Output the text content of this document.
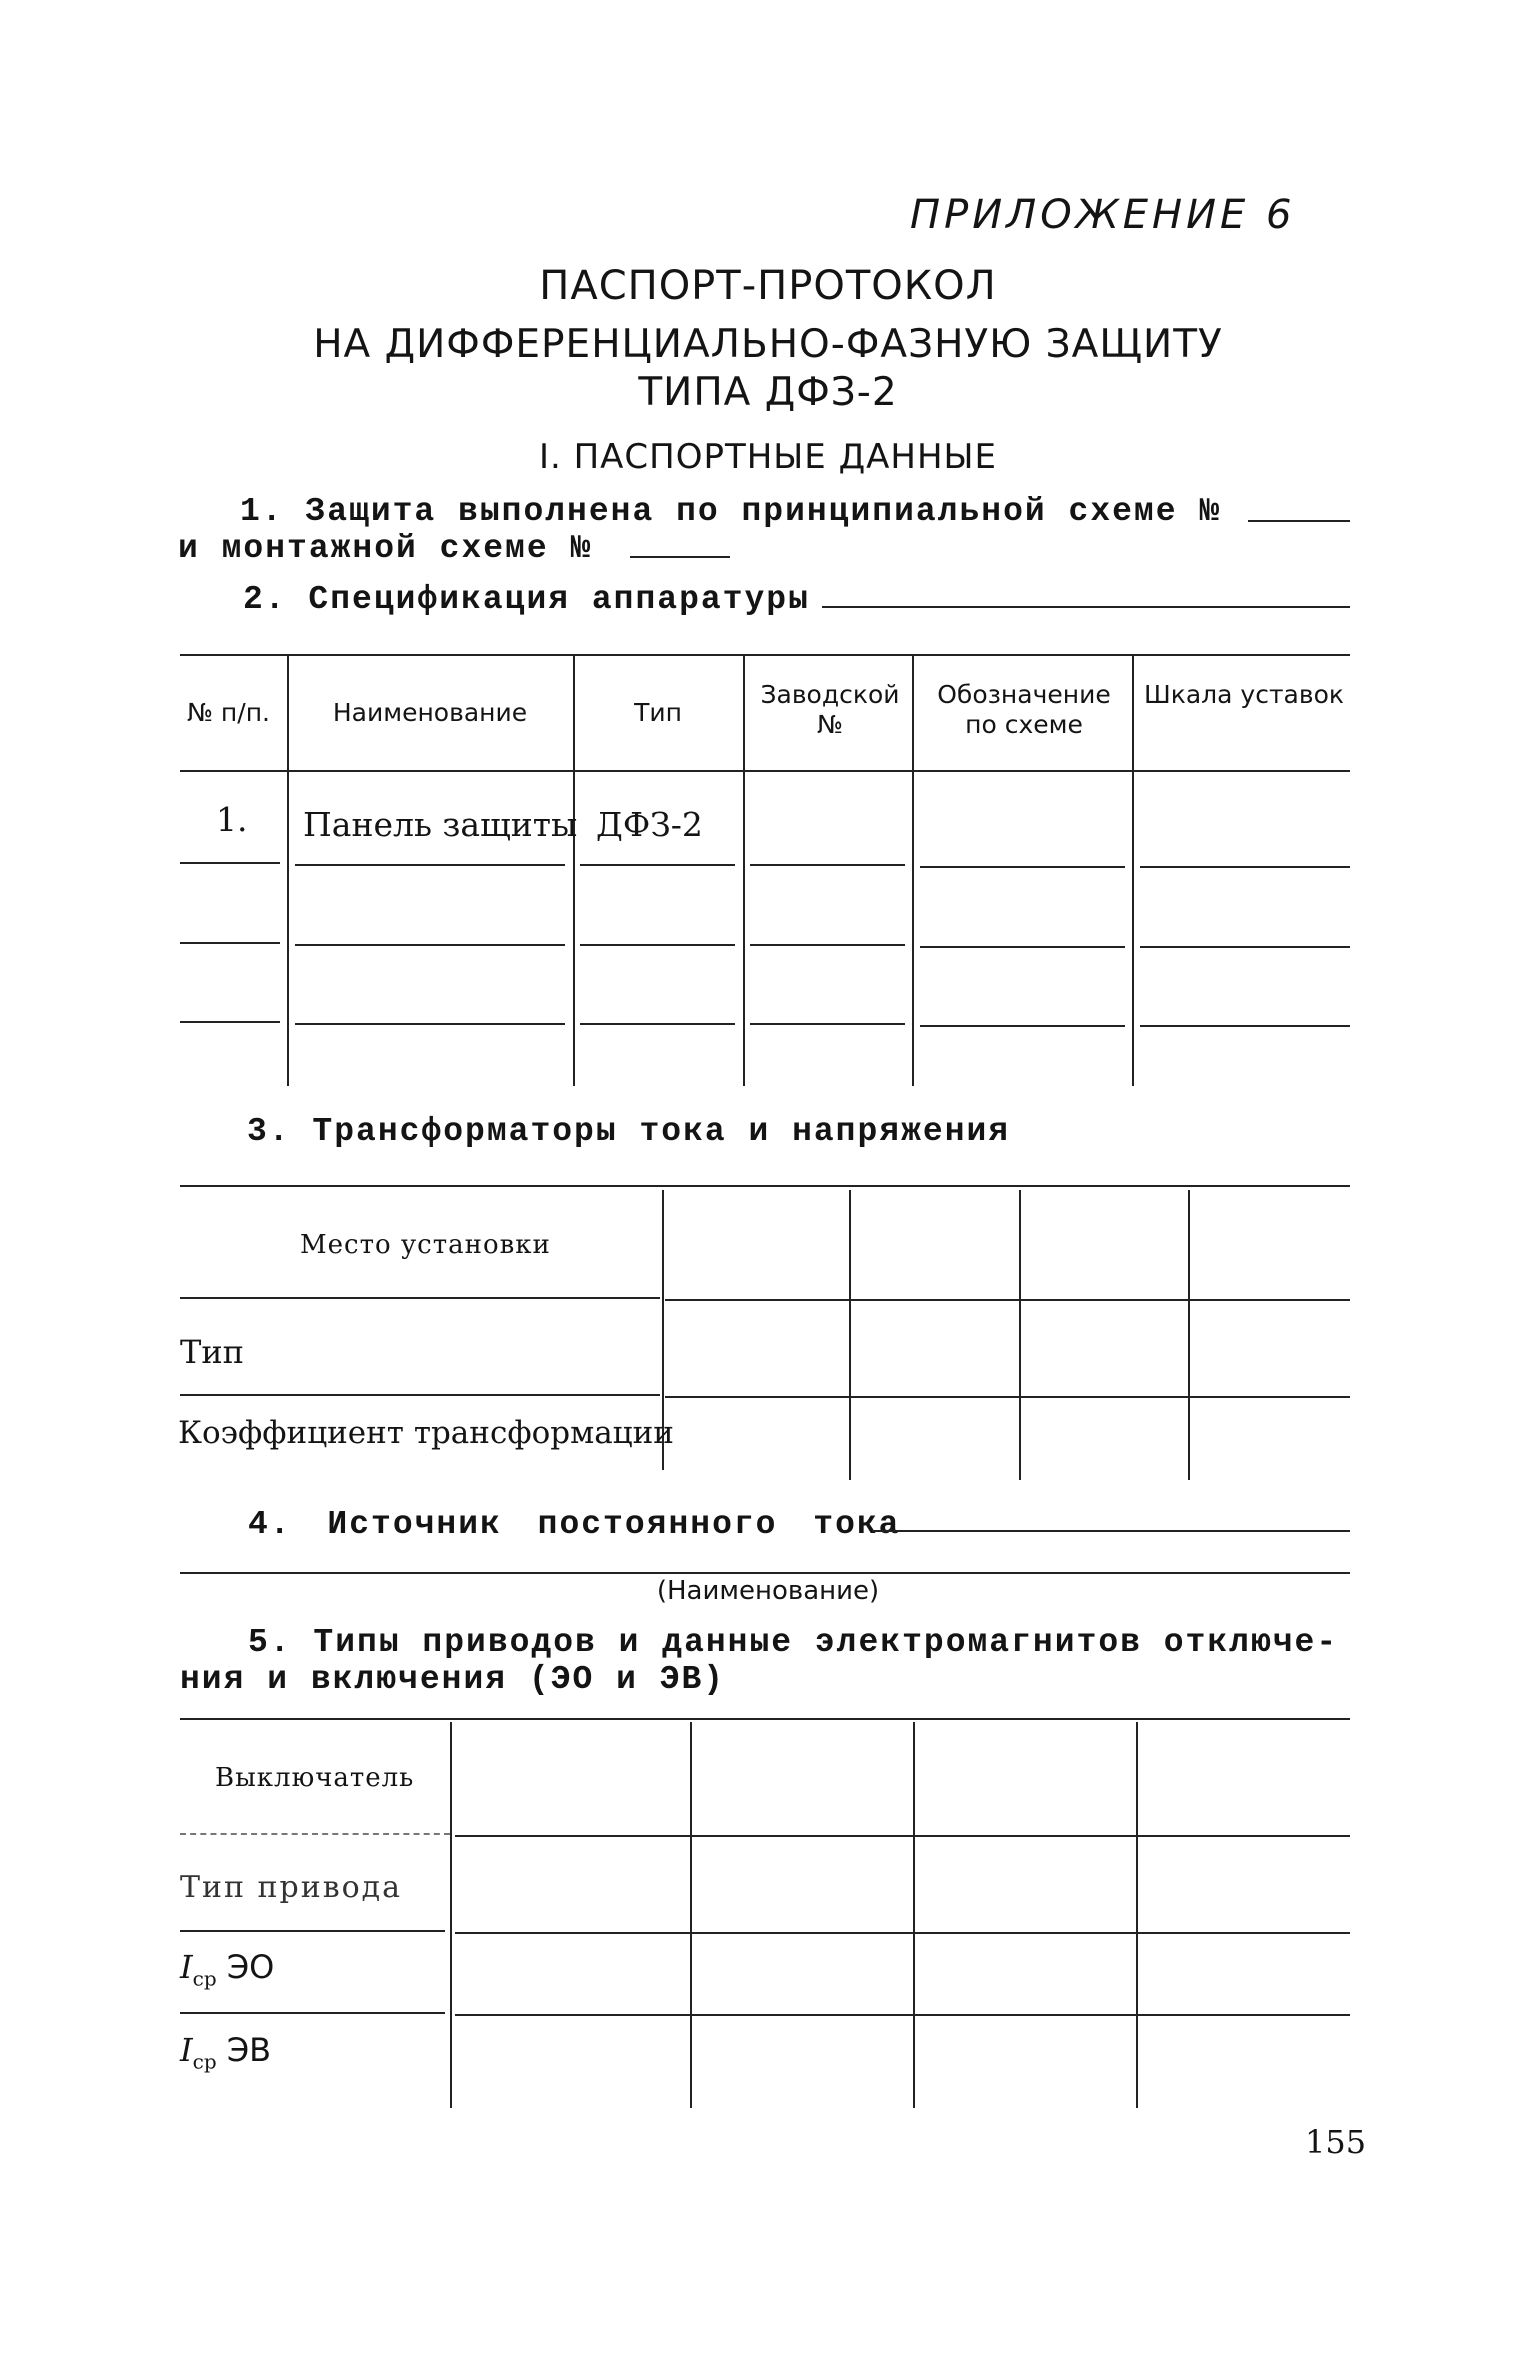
ПРИЛОЖЕНИЕ 6
ПАСПОРТ-ПРОТОКОЛ
НА ДИФФЕРЕНЦИАЛЬНО-ФАЗНУЮ ЗАЩИТУ
ТИПА ДФЗ-2
I. ПАСПОРТНЫЕ ДАННЫЕ
1. Защита выполнена по принципиальной схеме №
и монтажной схеме №
2. Спецификация аппаратуры
№ п/п.	Наименование	Тип
Заводской №
Обозначение по схеме
Шкала уставок
1. Панель защиты ДФЗ-2
3. Трансформаторы тока и напряжения
Место установки
Тип
Коэффициент трансформации
4. Источник постоянного тока
(Наименование)
5. Типы приводов и данные электромагнитов отключе-
ния и включения (ЭО и ЭВ)
Выключатель
Тип привода
$I_{ср}$ ЭО
$I_{ср}$ ЭВ
155
